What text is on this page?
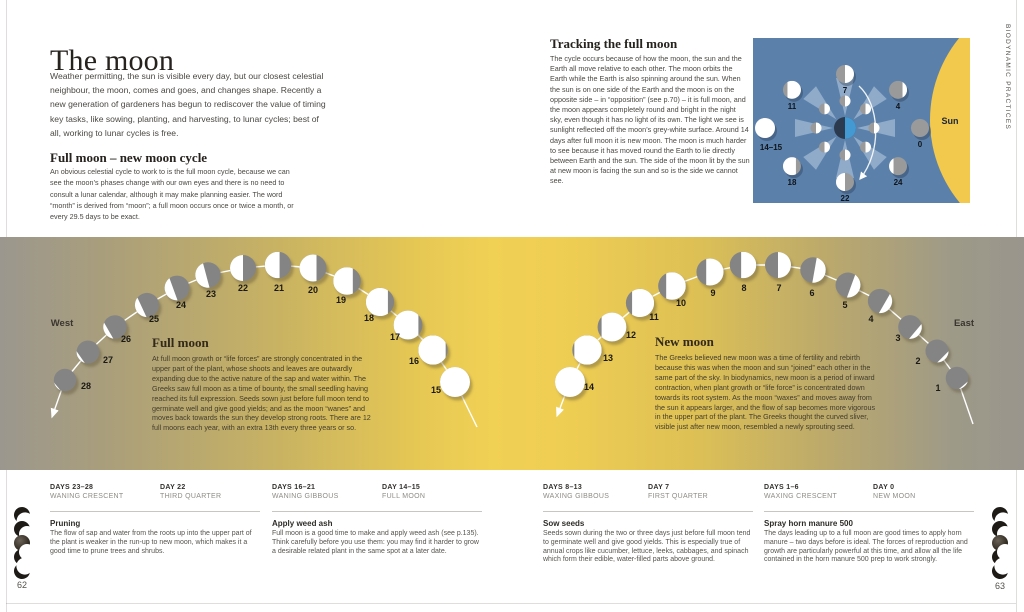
BIODYNAMIC PRACTICES
The moon
Weather permitting, the sun is visible every day, but our closest celestial neighbour, the moon, comes and goes, and changes shape. Recently a new generation of gardeners has begun to rediscover the value of timing key tasks, like sowing, planting, and harvesting, to lunar cycles; best of all, working to lunar cycles is free.
Full moon – new moon cycle
An obvious celestial cycle to work to is the full moon cycle, because we can see the moon’s phases change with our own eyes and there is no need to consult a lunar calendar, although it may make planning easier. The word “month” is derived from “moon”; a full moon occurs once or twice a month, or every 29.5 days to be exact.
Tracking the full moon
The cycle occurs because of how the moon, the sun and the Earth all move relative to each other. The moon orbits the Earth while the Earth is also spinning around the sun. When the sun is on one side of the Earth and the moon is on the opposite side – in “opposition” (see p.70) – it is full moon, and the moon appears completely round and bright in the night sky, even though it has no light of its own. The light we see is sunlight reflected off the moon’s grey-white surface. Around 14 days after full moon it is new moon. The moon is much harder to see because it has moved round the Earth to lie directly between Earth and the sun. The side of the moon lit by the sun at new moon is facing the sun and so is the side we cannot see.
Sun
0
4
7
11
14–15
18
22
24
1
2
3
4
5
6
7
8
9
10
11
12
13
14
15
16
17
18
19
20
21
22
23
24
25
26
27
28
West	East
Full moon
At full moon growth or “life forces” are strongly concentrated in the upper part of the plant, whose shoots and leaves are outwardly expanding due to the active nature of the sap and water within. The Greeks saw full moon as a time of bounty, the small seedling having reached its full expression. Seeds sown just before full moon tend to germinate well and give good yields; and as the moon “wanes” and moves back towards the sun they develop strong roots. There are 12 full moons each year, with an extra 13th every three years or so.
New moon
The Greeks believed new moon was a time of fertility and rebirth because this was when the moon and sun “joined” each other in the same part of the sky. In biodynamics, new moon is a period of inward contraction, when plant growth or “life force” is concentrated down towards its root system. As the moon “waxes” and moves away from the sun it appears larger, and the flow of sap becomes more vigorous in the upper part of the plant. The Greeks thought the curved sliver, visible just after new moon, resembled a newly sprouting seed.
DAYS 23–28
WANING CRESCENT
DAY 22
THIRD QUARTER
Pruning
The flow of sap and water from the roots up into the upper part of the plant is weaker in the run-up to new moon, which makes it a good time to prune trees and shrubs.
DAYS 16–21
WANING GIBBOUS
DAY 14–15
FULL MOON
Apply weed ash
Full moon is a good time to make and apply weed ash (see p.135). Think carefully before you use them: you may find it harder to grow a desirable related plant in the same spot at a later date.
DAYS 8–13
WAXING GIBBOUS
DAY 7
FIRST QUARTER
Sow seeds
Seeds sown during the two or three days just before full moon tend to germinate well and give good yields. This is especially true of annual crops like cucumber, lettuce, leeks, cabbages, and spinach which form their edible, water-filled parts above ground.
DAYS 1–6
WAXING CRESCENT
DAY 0
NEW MOON
Spray horn manure 500
The days leading up to a full moon are good times to apply horn manure – two days before is ideal. The forces of reproduction and growth are particularly powerful at this time, and allow all the life contained in the horn manure 500 prep to work strongly.
62	63
